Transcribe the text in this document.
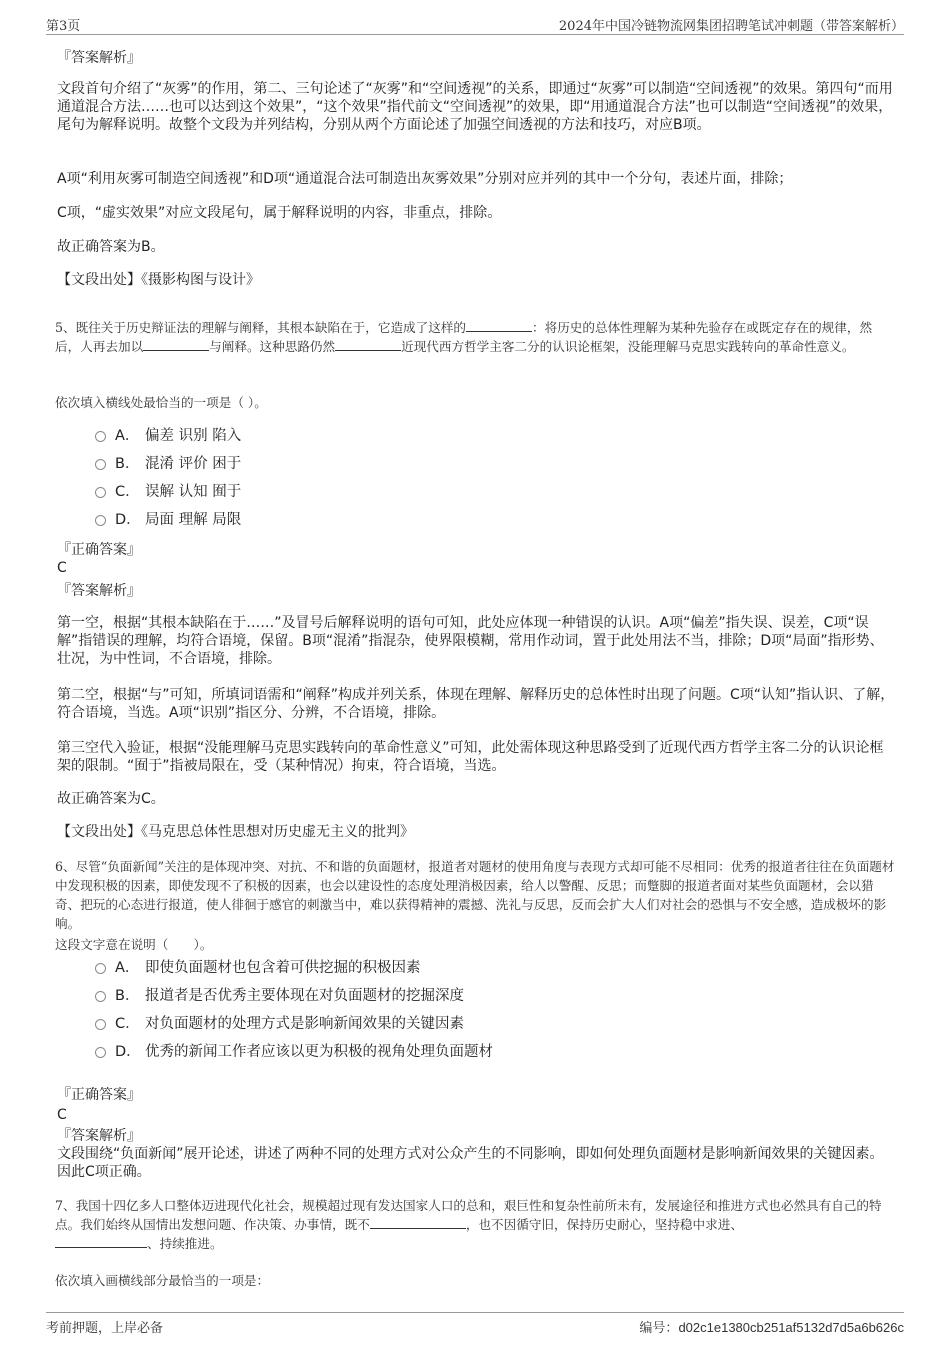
第3页	2024年中国冷链物流网集团招聘笔试冲刺题（带答案解析）
『答案解析』

文段首句介绍了“灰雾”的作用，第二、三句论述了“灰雾”和“空间透视”的关系，即通过“灰雾”可以制造“空间透视”的效果。第四句“而用通道混合方法……也可以达到这个效果”，“这个效果”指代前文“空间透视”的效果，即“用通道混合方法”也可以制造“空间透视”的效果，尾句为解释说明。故整个文段为并列结构，分别从两个方面论述了加强空间透视的方法和技巧，对应B项。

A项“利用灰雾可制造空间透视”和D项“通道混合法可制造出灰雾效果”分别对应并列的其中一个分句，表述片面，排除；

C项，“虚实效果”对应文段尾句，属于解释说明的内容，非重点，排除。

故正确答案为B。

【文段出处】《摄影构图与设计》

5、既往关于历史辩证法的理解与阐释，其根本缺陷在于，它造成了这样的	：将历史的总体性理解为某种先验存在或既定存在的规律，然后，人再去加以	与阐释。这种思路仍然	近现代西方哲学主客二分的认识论框架，没能理解马克思实践转向的革命性意义。

依次填入横线处最恰当的一项是（ ）。

A． 偏差 识别 陷入
B． 混淆 评价 困于
C． 误解 认知 囿于
D． 局面 理解 局限
『正确答案』
C
『答案解析』

第一空，根据“其根本缺陷在于……”及冒号后解释说明的语句可知，此处应体现一种错误的认识。A项“偏差”指失误、误差，C项“误解”指错误的理解，均符合语境，保留。B项“混淆”指混杂，使界限模糊，常用作动词，置于此处用法不当，排除；D项“局面”指形势、壮况，为中性词，不合语境，排除。

第二空，根据“与”可知，所填词语需和“阐释”构成并列关系，体现在理解、解释历史的总体性时出现了问题。C项“认知”指认识、了解，符合语境，当选。A项“识别”指区分、分辨，不合语境，排除。

第三空代入验证，根据“没能理解马克思实践转向的革命性意义”可知，此处需体现这种思路受到了近现代西方哲学主客二分的认识论框架的限制。“囿于”指被局限在，受（某种情况）拘束，符合语境，当选。

故正确答案为C。

【文段出处】《马克思总体性思想对历史虚无主义的批判》

6、尽管“负面新闻”关注的是体现冲突、对抗、不和谐的负面题材，报道者对题材的使用角度与表现方式却可能不尽相同：优秀的报道者往往在负面题材中发现积极的因素，即使发现不了积极的因素，也会以建设性的态度处理消极因素，给人以警醒、反思；而蹩脚的报道者面对某些负面题材，会以猎奇、把玩的心态进行报道，使人徘徊于感官的刺激当中，难以获得精神的震撼、洗礼与反思，反而会扩大人们对社会的恐惧与不安全感，造成极坏的影响。

这段文字意在说明（　　）。

A． 即使负面题材也包含着可供挖掘的积极因素
B． 报道者是否优秀主要体现在对负面题材的挖掘深度
C． 对负面题材的处理方式是影响新闻效果的关键因素
D． 优秀的新闻工作者应该以更为积极的视角处理负面题材
『正确答案』
C
『答案解析』

文段围绕“负面新闻”展开论述，讲述了两种不同的处理方式对公众产生的不同影响，即如何处理负面题材是影响新闻效果的关键因素。因此C项正确。

7、我国十四亿多人口整体迈进现代化社会，规模超过现有发达国家人口的总和，艰巨性和复杂性前所未有，发展途径和推进方式也必然具有自己的特点。我们始终从国情出发想问题、作决策、办事情，既不	，也不因循守旧，保持历史耐心，坚持稳中求进、
、持续推进。

依次填入画横线部分最恰当的一项是：

考前押题，上岸必备	编号：d02c1e1380cb251af5132d7d5a6b626c
